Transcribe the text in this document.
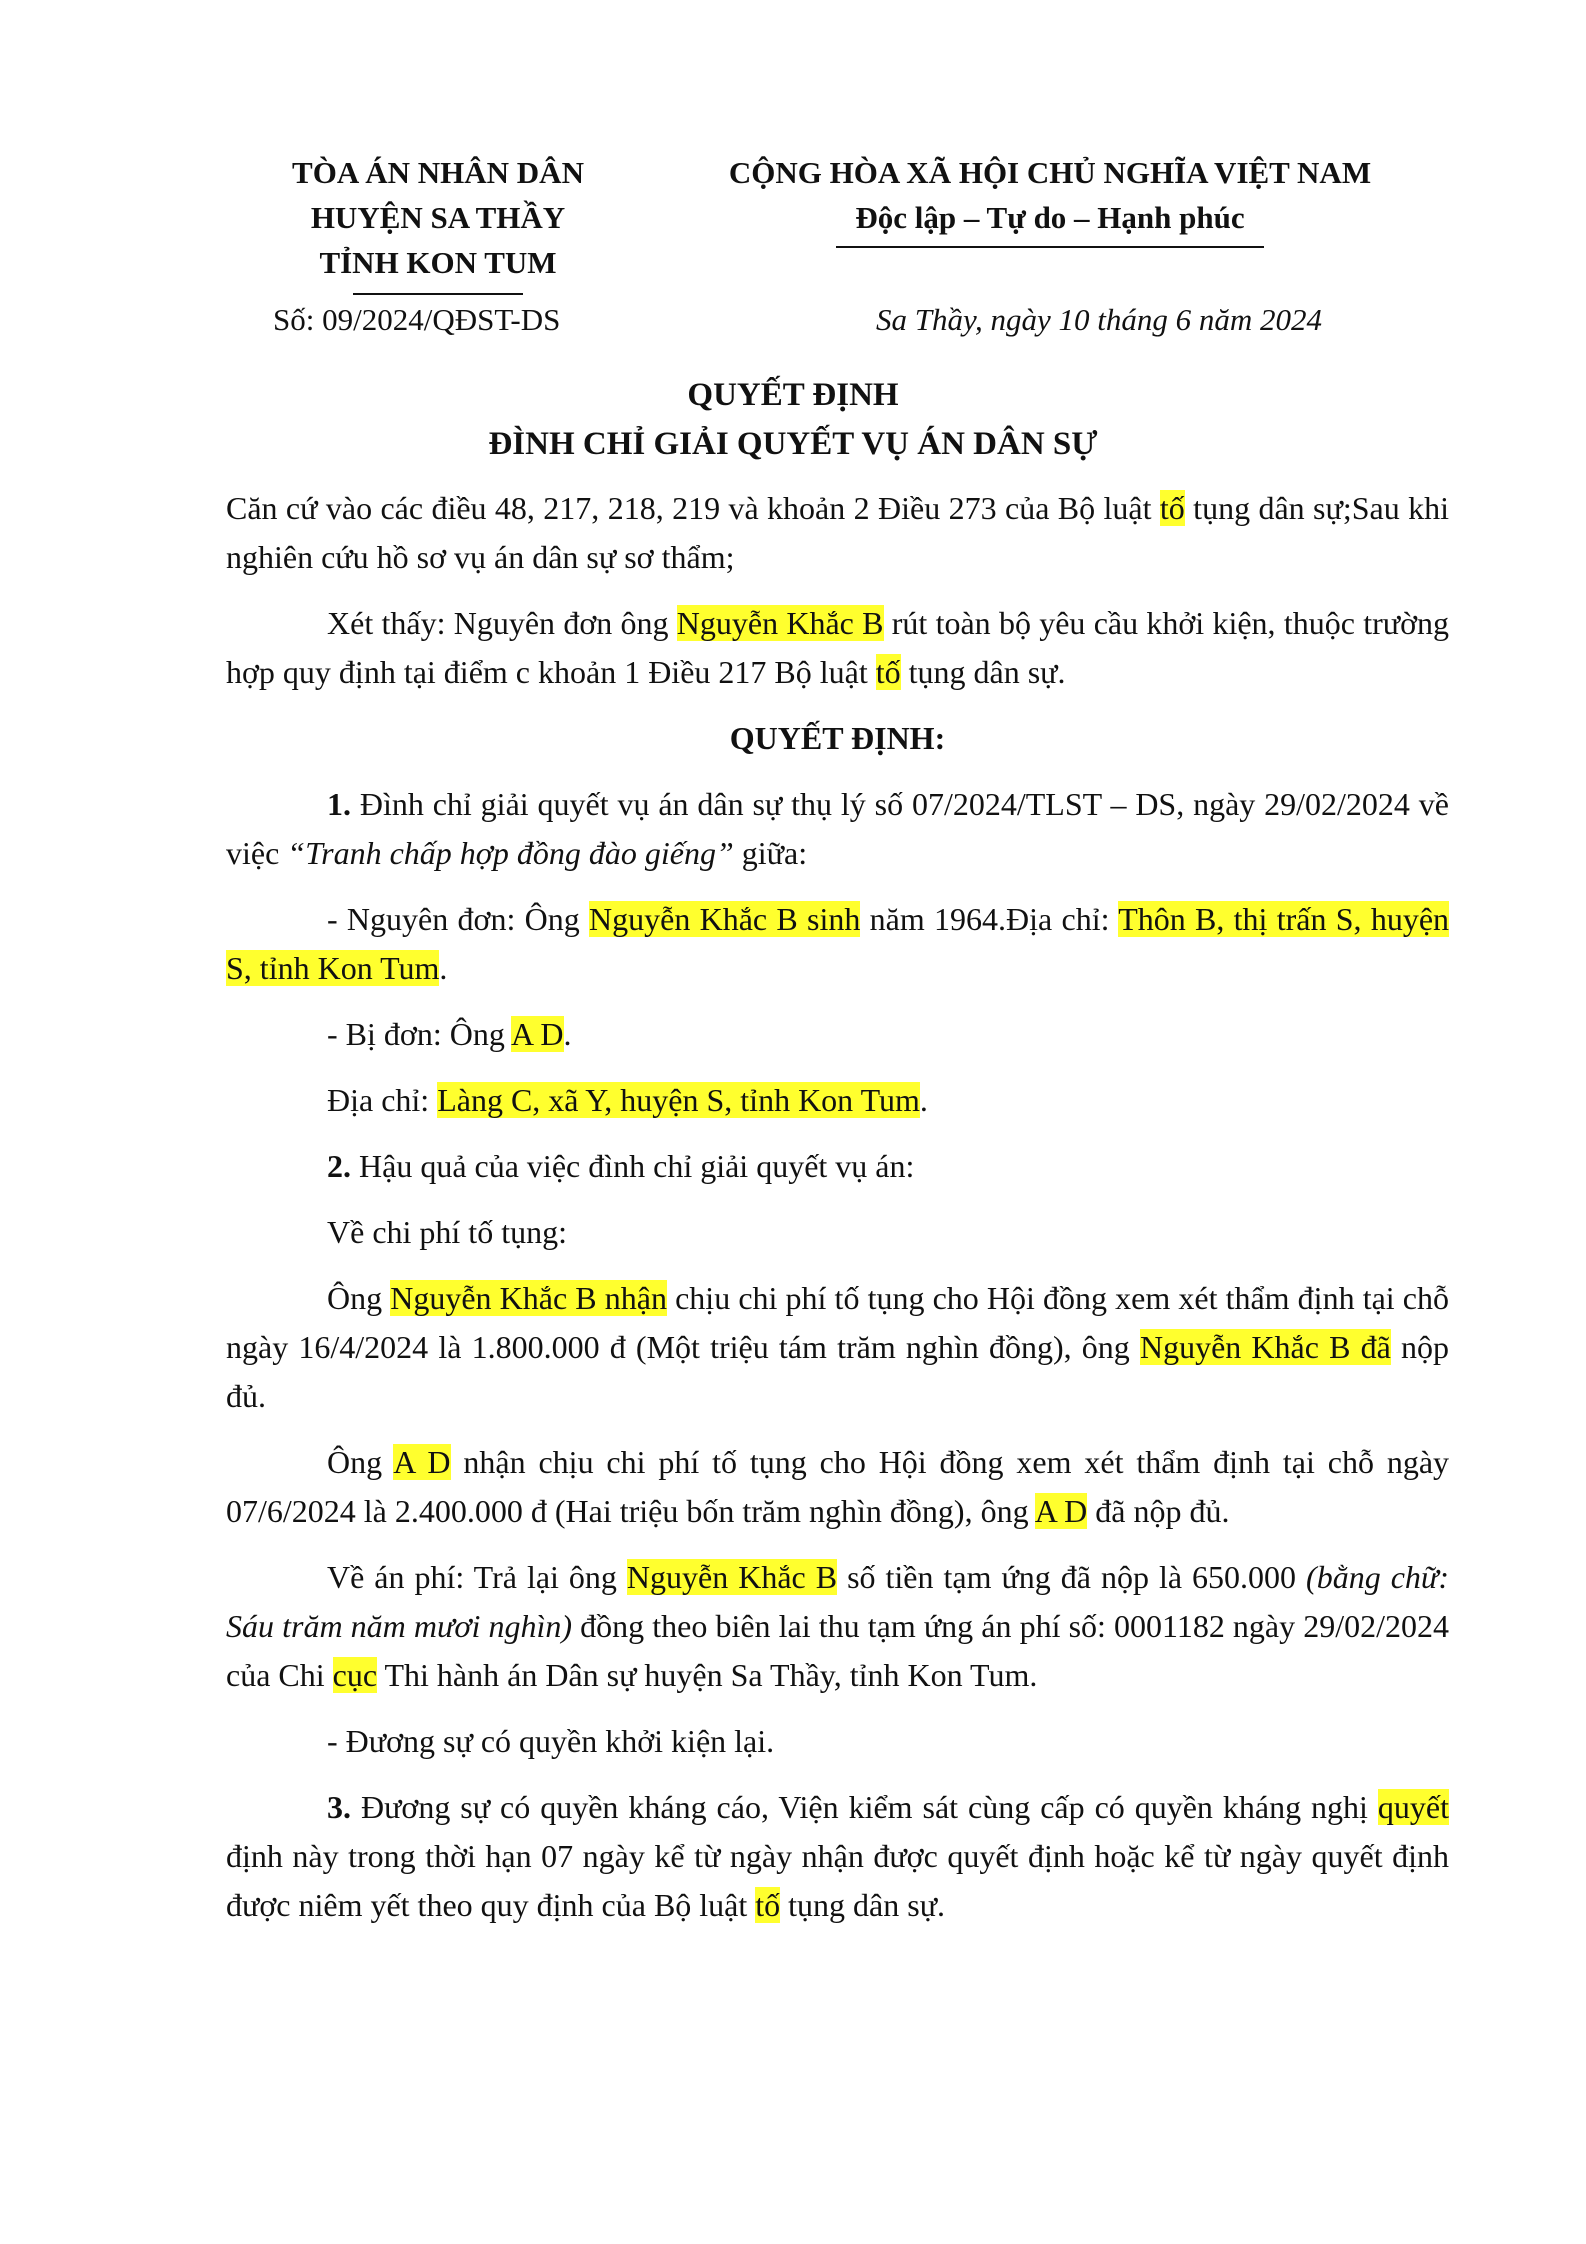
TÒA ÁN NHÂN DÂN
HUYỆN SA THẦY
TỈNH KON TUM
CỘNG HÒA XÃ HỘI CHỦ NGHĨA VIỆT NAM
Độc lập – Tự do – Hạnh phúc
Số: 09/2024/QĐST-DS	Sa Thầy, ngày 10 tháng 6 năm 2024
QUYẾT ĐỊNH
ĐÌNH CHỈ GIẢI QUYẾT VỤ ÁN DÂN SỰ

Căn cứ vào các điều 48, 217, 218, 219 và khoản 2 Điều 273 của Bộ luật tố tụng dân sự;Sau khi nghiên cứu hồ sơ vụ án dân sự sơ thẩm;

Xét thấy: Nguyên đơn ông Nguyễn Khắc B rút toàn bộ yêu cầu khởi kiện, thuộc trường hợp quy định tại điểm c khoản 1 Điều 217 Bộ luật tố tụng dân sự.

QUYẾT ĐỊNH:

1. Đình chỉ giải quyết vụ án dân sự thụ lý số 07/2024/TLST – DS, ngày 29/02/2024 về việc “Tranh chấp hợp đồng đào giếng” giữa:

- Nguyên đơn: Ông Nguyễn Khắc B sinh năm 1964.Địa chỉ: Thôn B, thị trấn S, huyện S, tỉnh Kon Tum.

- Bị đơn: Ông A D.

Địa chỉ: Làng C, xã Y, huyện S, tỉnh Kon Tum.

2. Hậu quả của việc đình chỉ giải quyết vụ án:

Về chi phí tố tụng:

Ông Nguyễn Khắc B nhận chịu chi phí tố tụng cho Hội đồng xem xét thẩm định tại chỗ ngày 16/4/2024 là 1.800.000 đ (Một triệu tám trăm nghìn đồng), ông Nguyễn Khắc B đã nộp đủ.

Ông A D nhận chịu chi phí tố tụng cho Hội đồng xem xét thẩm định tại chỗ ngày 07/6/2024 là 2.400.000 đ (Hai triệu bốn trăm nghìn đồng), ông A D đã nộp đủ.

Về án phí: Trả lại ông Nguyễn Khắc B số tiền tạm ứng đã nộp là 650.000 (bằng chữ: Sáu trăm năm mươi nghìn) đồng theo biên lai thu tạm ứng án phí số: 0001182 ngày 29/02/2024 của Chi cục Thi hành án Dân sự huyện Sa Thầy, tỉnh Kon Tum.

- Đương sự có quyền khởi kiện lại.

3. Đương sự có quyền kháng cáo, Viện kiểm sát cùng cấp có quyền kháng nghị quyết định này trong thời hạn 07 ngày kể từ ngày nhận được quyết định hoặc kể từ ngày quyết định được niêm yết theo quy định của Bộ luật tố tụng dân sự.
